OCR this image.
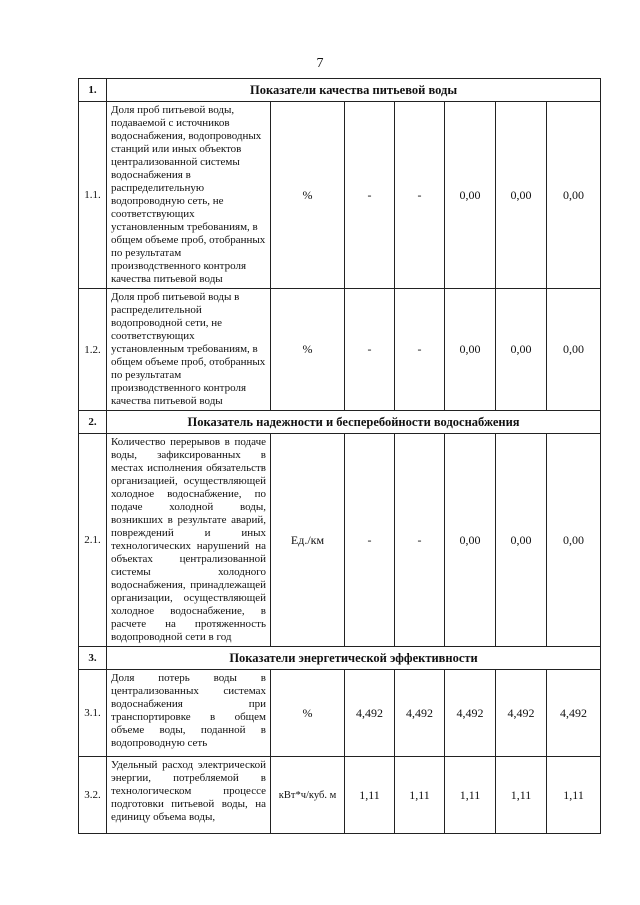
7
1.	Показатели качества питьевой воды						
1.1.	Доля проб питьевой воды, подаваемой с источников водоснабжения, водопроводных станций или иных объектов централизованной системы водоснабжения в распределительную водопроводную сеть, не соответствующих установленным требованиям, в общем объеме проб, отобранных по результатам производственного контроля качества питьевой воды	%	-	-	0,00	0,00	0,00
1.2.	Доля проб питьевой воды в распределительной водопроводной сети, не соответствующих установленным требованиям, в общем объеме проб, отобранных по результатам производственного контроля качества питьевой воды	%	-	-	0,00	0,00	0,00
2.	Показатель надежности и бесперебойности водоснабжения						
2.1.	Количество перерывов в подаче воды, зафиксированных в местах исполнения обязательств организацией, осуществляющей холодное водоснабжение, по подаче холодной воды, возникших в результате аварий, повреждений и иных технологических нарушений на объектах централизованной системы холодного водоснабжения, принадлежащей организации, осуществляющей холодное водоснабжение, в расчете на протяженность водопроводной сети в год	Ед./км	-	-	0,00	0,00	0,00
3.	Показатели энергетической эффективности						
3.1.	Доля потерь воды в централизованных системах водоснабжения при транспортировке в общем объеме воды, поданной в водопроводную сеть	%	4,492	4,492	4,492	4,492	4,492
3.2.	Удельный расход электрической энергии, потребляемой в технологическом процессе подготовки питьевой воды, на единицу объема воды,	кВт*ч/куб. м	1,11	1,11	1,11	1,11	1,11
